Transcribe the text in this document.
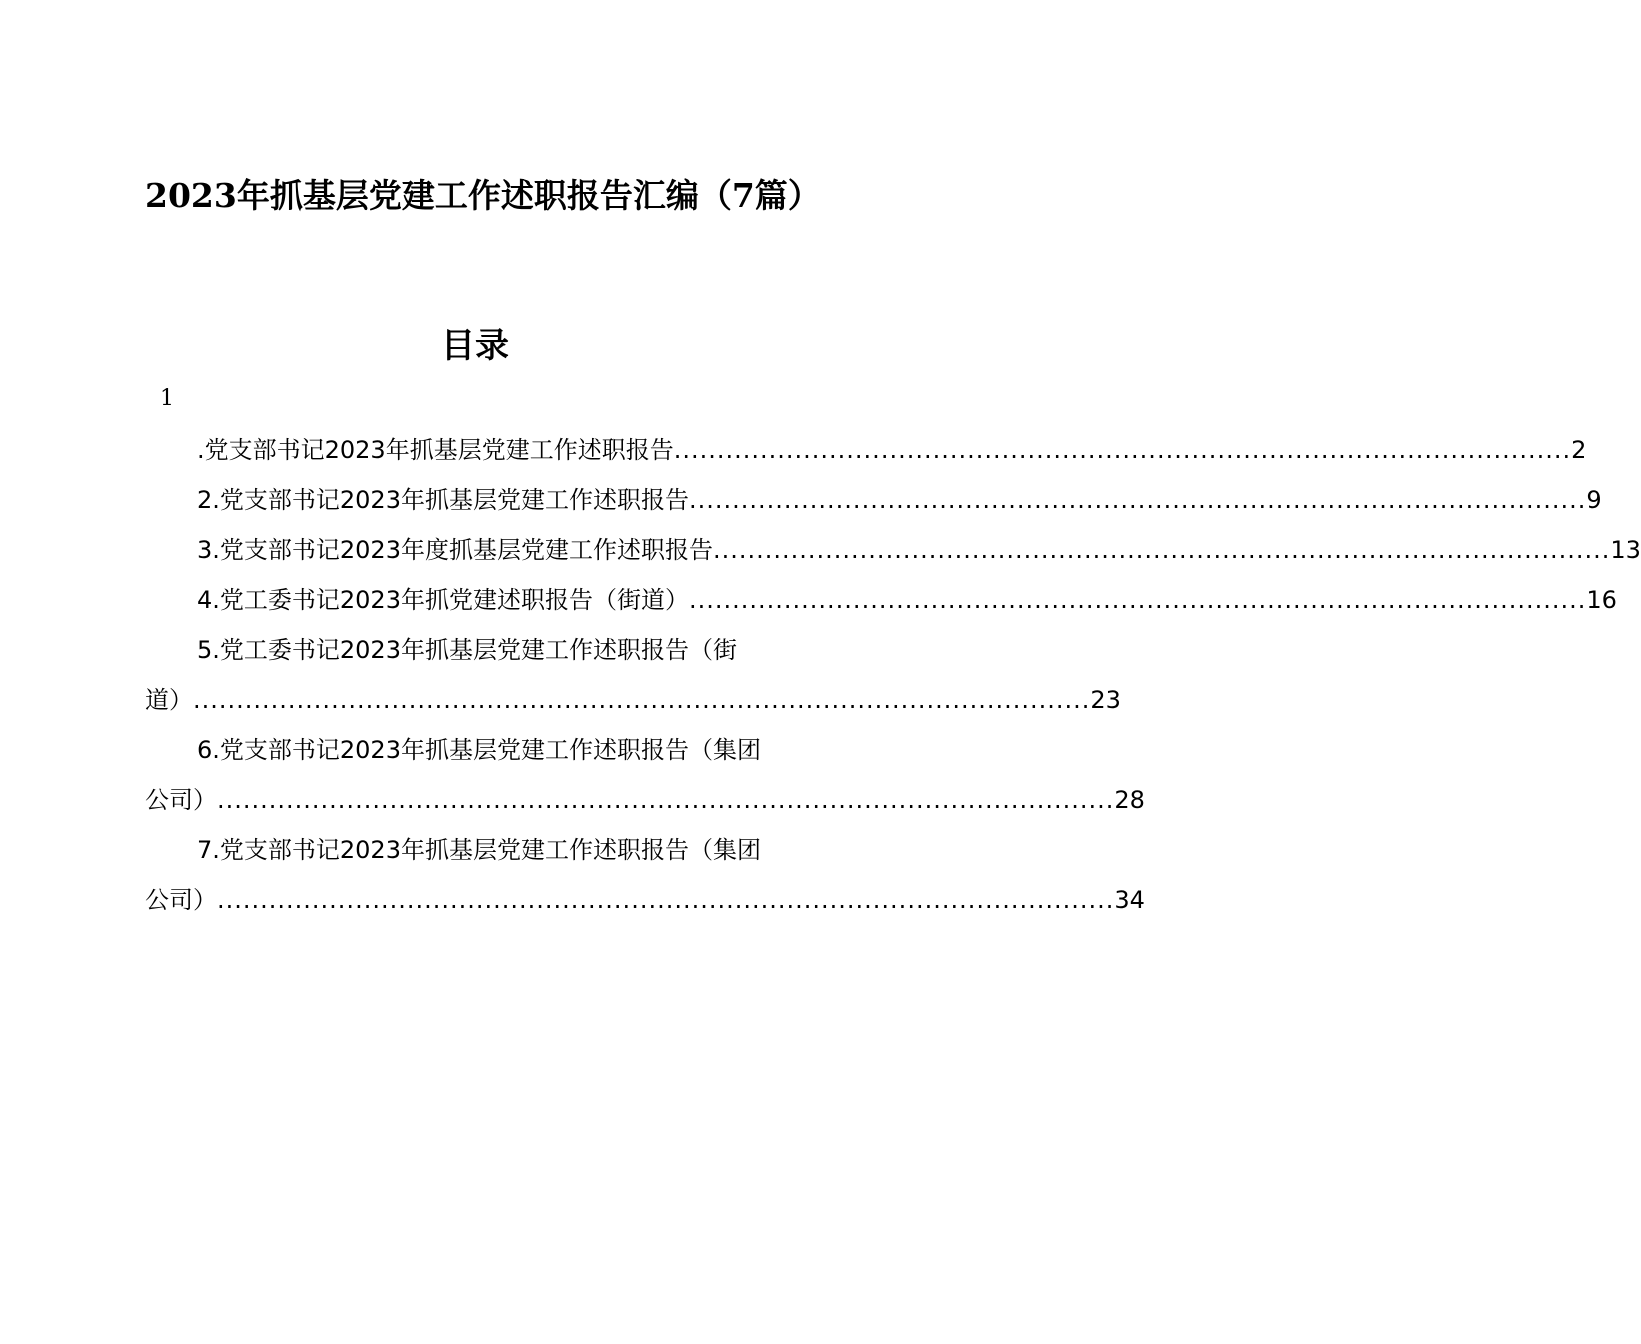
2023年抓基层党建工作述职报告汇编（7篇）
目录
1
.党支部书记2023年抓基层党建工作述职报告 ........................................................................................................ 2
2.党支部书记2023年抓基层党建工作述职报告 ........................................................................................................ 9
3.党支部书记2023年度抓基层党建工作述职报告 ........................................................................................................ 13
4.党工委书记2023年抓党建述职报告（街道） ........................................................................................................ 16
5.党工委书记2023年抓基层党建工作述职报告（街
道） ........................................................................................................ 23
6.党支部书记2023年抓基层党建工作述职报告（集团
公司） ........................................................................................................ 28
7.党支部书记2023年抓基层党建工作述职报告（集团
公司） ........................................................................................................ 34
